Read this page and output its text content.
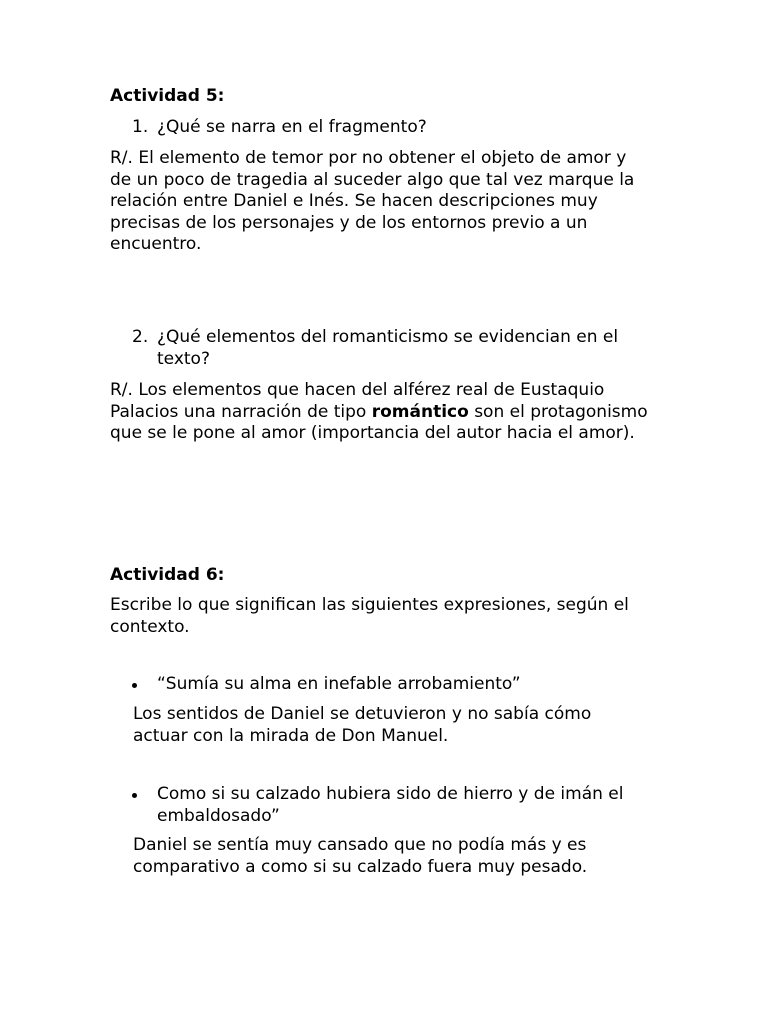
Actividad 5:

1. ¿Qué se narra en el fragmento?

R/. El elemento de temor por no obtener el objeto de amor y de un poco de tragedia al suceder algo que tal vez marque la relación entre Daniel e Inés. Se hacen descripciones muy precisas de los personajes y de los entornos previo a un encuentro.

2. ¿Qué elementos del romanticismo se evidencian en el texto?

R/. Los elementos que hacen del alférez real de Eustaquio Palacios una narración de tipo romántico son el protagonismo que se le pone al amor (importancia del autor hacia el amor).

Actividad 6:

Escribe lo que significan las siguientes expresiones, según el contexto.

“Sumía su alma en inefable arrobamiento”

Los sentidos de Daniel se detuvieron y no sabía cómo actuar con la mirada de Don Manuel.

Como si su calzado hubiera sido de hierro y de imán el embaldosado”

Daniel se sentía muy cansado que no podía más y es comparativo a como si su calzado fuera muy pesado.
